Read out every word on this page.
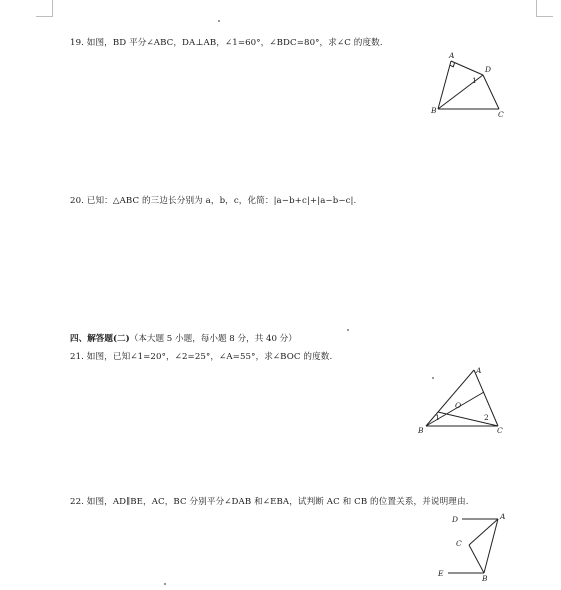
19. 如图，BD 平分∠ABC，DA⊥AB，∠1=60°，∠BDC=80°，求∠C 的度数.
A
D
1
B	C
20. 已知：△ABC 的三边长分别为 a，b，c，化简：|a−b+c|+|a−b−c|.
四、解答题(二)（本大题 5 小题，每小题 8 分，共 40 分）
21. 如图，已知∠1=20°，∠2=25°，∠A=55°，求∠BOC 的度数.
A
O
1	2
B	C
22. 如图，AD∥BE，AC，BC 分别平分∠DAB 和∠EBA，试判断 AC 和 CB 的位置关系，并说明理由.
D	A
C
E
B
